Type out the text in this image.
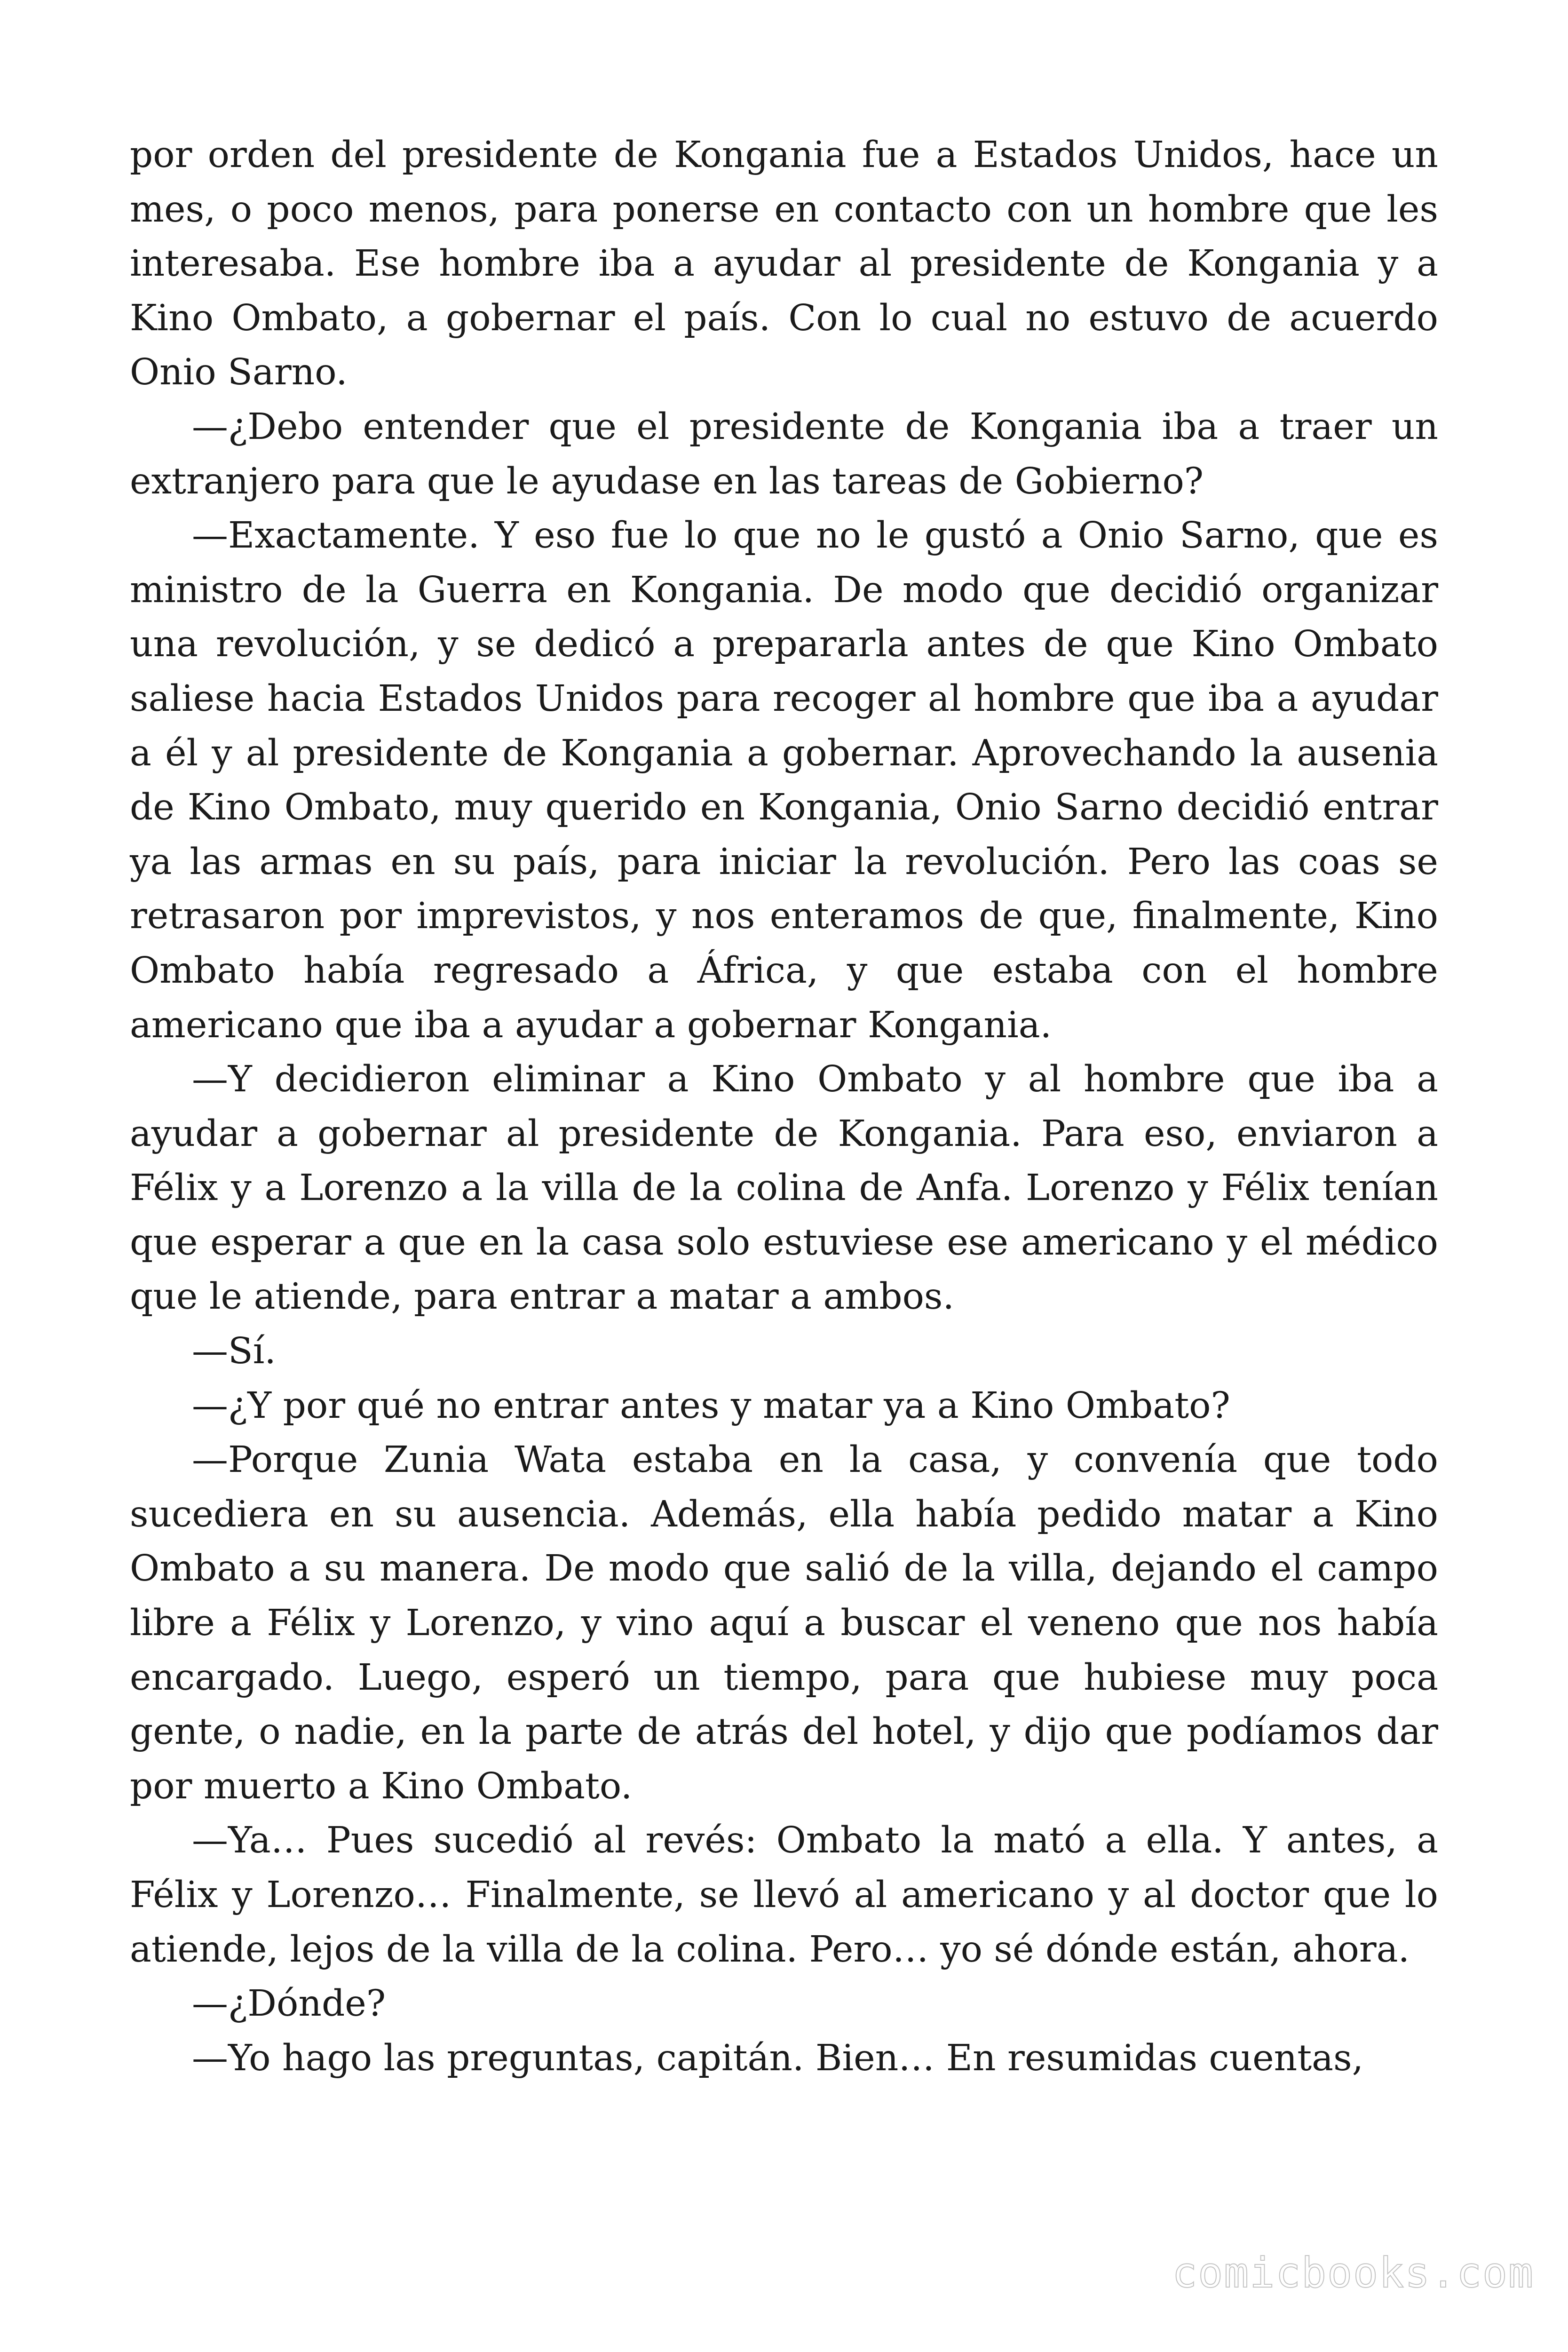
por orden del presidente de Kongania fue a Estados Unidos, hace un mes, o poco menos, para ponerse en contacto con un hombre que les interesaba. Ese hombre iba a ayudar al presidente de Kongania y a Kino Ombato, a gobernar el país. Con lo cual no estuvo de acuerdo Onio Sarno.

—¿Debo entender que el presidente de Kongania iba a traer un extranjero para que le ayudase en las tareas de Gobierno?

—Exactamente. Y eso fue lo que no le gustó a Onio Sarno, que es ministro de la Guerra en Kongania. De modo que decidió organizar una revolución, y se dedicó a prepararla antes de que Kino Ombato saliese hacia Estados Unidos para recoger al hombre que iba a ayudar a él y al presidente de Kongania a gobernar. Aprovechando la ausenia de Kino Ombato, muy querido en Kongania, Onio Sarno decidió entrar ya las armas en su país, para iniciar la revolución. Pero las coas se retrasaron por imprevistos, y nos enteramos de que, finalmente, Kino Ombato había regresado a África, y que estaba con el hombre americano que iba a ayudar a gobernar Kongania.

—Y decidieron eliminar a Kino Ombato y al hombre que iba a ayudar a gobernar al presidente de Kongania. Para eso, enviaron a Félix y a Lorenzo a la villa de la colina de Anfa. Lorenzo y Félix tenían que esperar a que en la casa solo estuviese ese americano y el médico que le atiende, para entrar a matar a ambos.

—Sí.

—¿Y por qué no entrar antes y matar ya a Kino Ombato?

—Porque Zunia Wata estaba en la casa, y convenía que todo sucediera en su ausencia. Además, ella había pedido matar a Kino Ombato a su manera. De modo que salió de la villa, dejando el campo libre a Félix y Lorenzo, y vino aquí a buscar el veneno que nos había encargado. Luego, esperó un tiempo, para que hubiese muy poca gente, o nadie, en la parte de atrás del hotel, y dijo que podíamos dar por muerto a Kino Ombato.

—Ya… Pues sucedió al revés: Ombato la mató a ella. Y antes, a Félix y Lorenzo… Finalmente, se llevó al americano y al doctor que lo atiende, lejos de la villa de la colina. Pero… yo sé dónde están, ahora.

—¿Dónde?

—Yo hago las preguntas, capitán. Bien… En resumidas cuentas,

comicbooks.com
